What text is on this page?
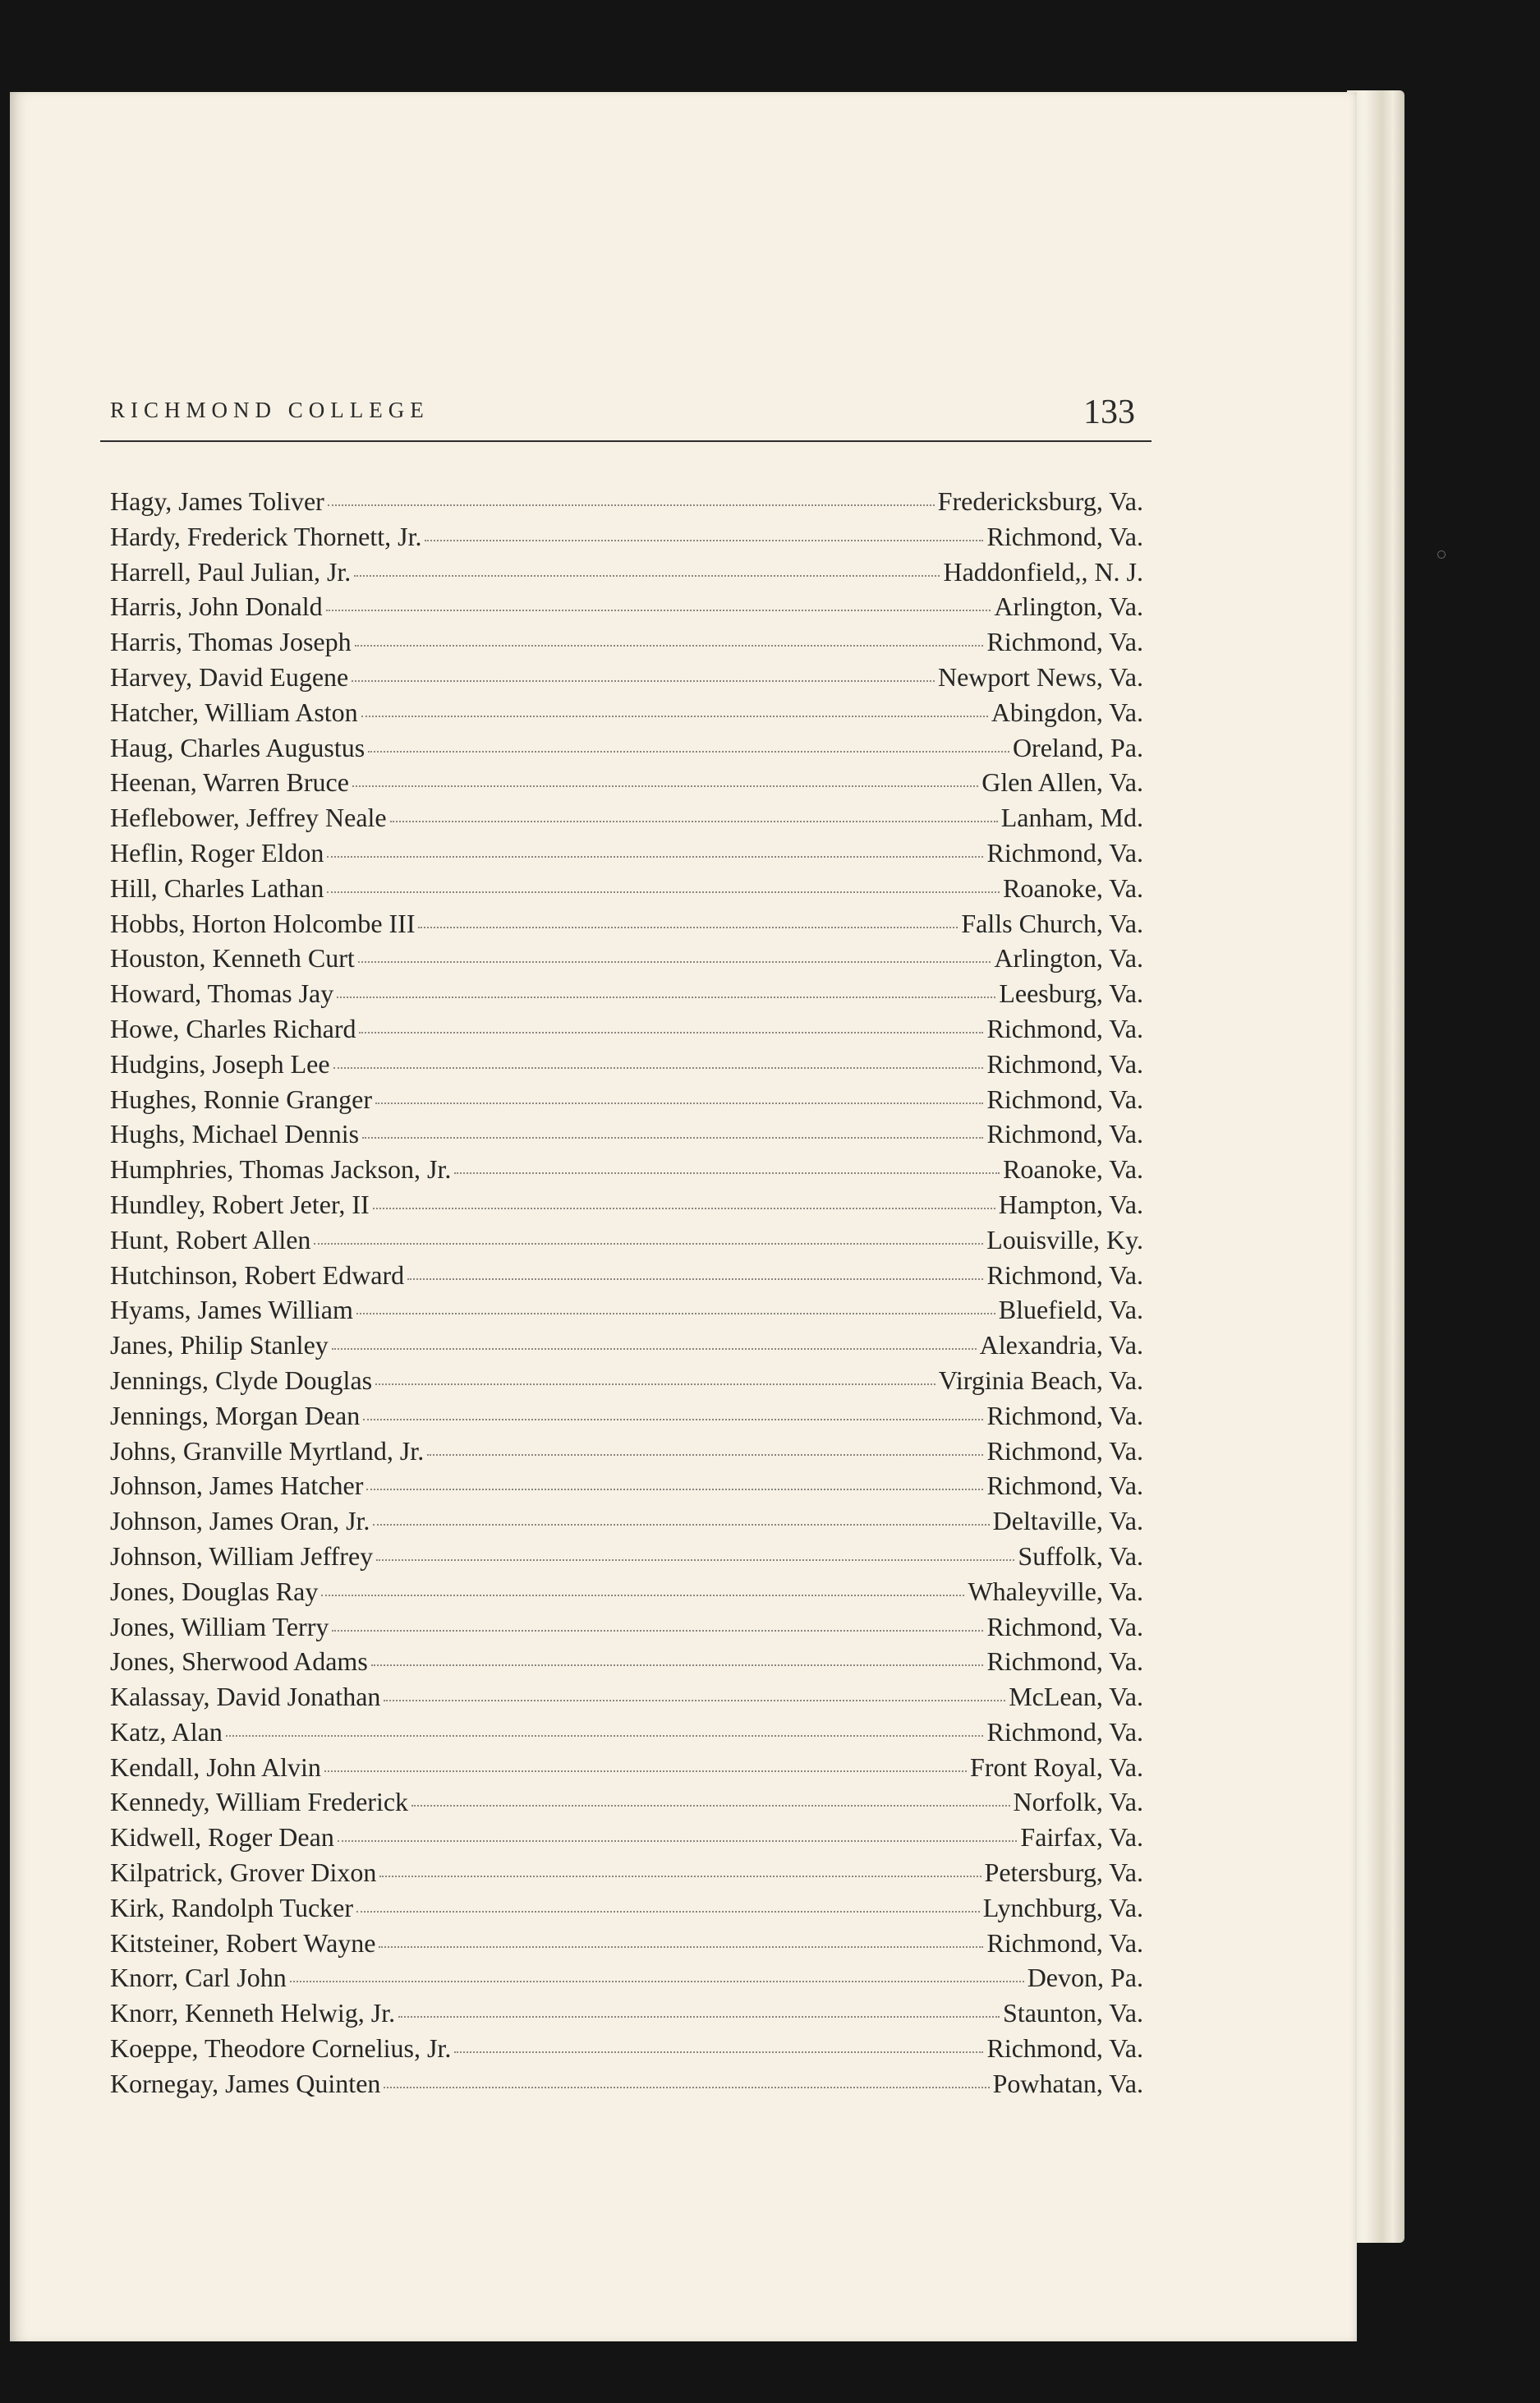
RICHMOND COLLEGE	133
Hagy, James Toliver	Fredericksburg, Va.
Hardy, Frederick Thornett, Jr.	Richmond, Va.
Harrell, Paul Julian, Jr.	Haddonfield,, N. J.
Harris, John Donald	Arlington, Va.
Harris, Thomas Joseph	Richmond, Va.
Harvey, David Eugene	Newport News, Va.
Hatcher, William Aston	Abingdon, Va.
Haug, Charles Augustus	Oreland, Pa.
Heenan, Warren Bruce	Glen Allen, Va.
Heflebower, Jeffrey Neale	Lanham, Md.
Heflin, Roger Eldon	Richmond, Va.
Hill, Charles Lathan	Roanoke, Va.
Hobbs, Horton Holcombe III	Falls Church, Va.
Houston, Kenneth Curt	Arlington, Va.
Howard, Thomas Jay	Leesburg, Va.
Howe, Charles Richard	Richmond, Va.
Hudgins, Joseph Lee	Richmond, Va.
Hughes, Ronnie Granger	Richmond, Va.
Hughs, Michael Dennis	Richmond, Va.
Humphries, Thomas Jackson, Jr.	Roanoke, Va.
Hundley, Robert Jeter, II	Hampton, Va.
Hunt, Robert Allen	Louisville, Ky.
Hutchinson, Robert Edward	Richmond, Va.
Hyams, James William	Bluefield, Va.
Janes, Philip Stanley	Alexandria, Va.
Jennings, Clyde Douglas	Virginia Beach, Va.
Jennings, Morgan Dean	Richmond, Va.
Johns, Granville Myrtland, Jr.	Richmond, Va.
Johnson, James Hatcher	Richmond, Va.
Johnson, James Oran, Jr.	Deltaville, Va.
Johnson, William Jeffrey	Suffolk, Va.
Jones, Douglas Ray	Whaleyville, Va.
Jones, William Terry	Richmond, Va.
Jones, Sherwood Adams	Richmond, Va.
Kalassay, David Jonathan	McLean, Va.
Katz, Alan	Richmond, Va.
Kendall, John Alvin	Front Royal, Va.
Kennedy, William Frederick	Norfolk, Va.
Kidwell, Roger Dean	Fairfax, Va.
Kilpatrick, Grover Dixon	Petersburg, Va.
Kirk, Randolph Tucker	Lynchburg, Va.
Kitsteiner, Robert Wayne	Richmond, Va.
Knorr, Carl John	Devon, Pa.
Knorr, Kenneth Helwig, Jr.	Staunton, Va.
Koeppe, Theodore Cornelius, Jr.	Richmond, Va.
Kornegay, James Quinten	Powhatan, Va.
